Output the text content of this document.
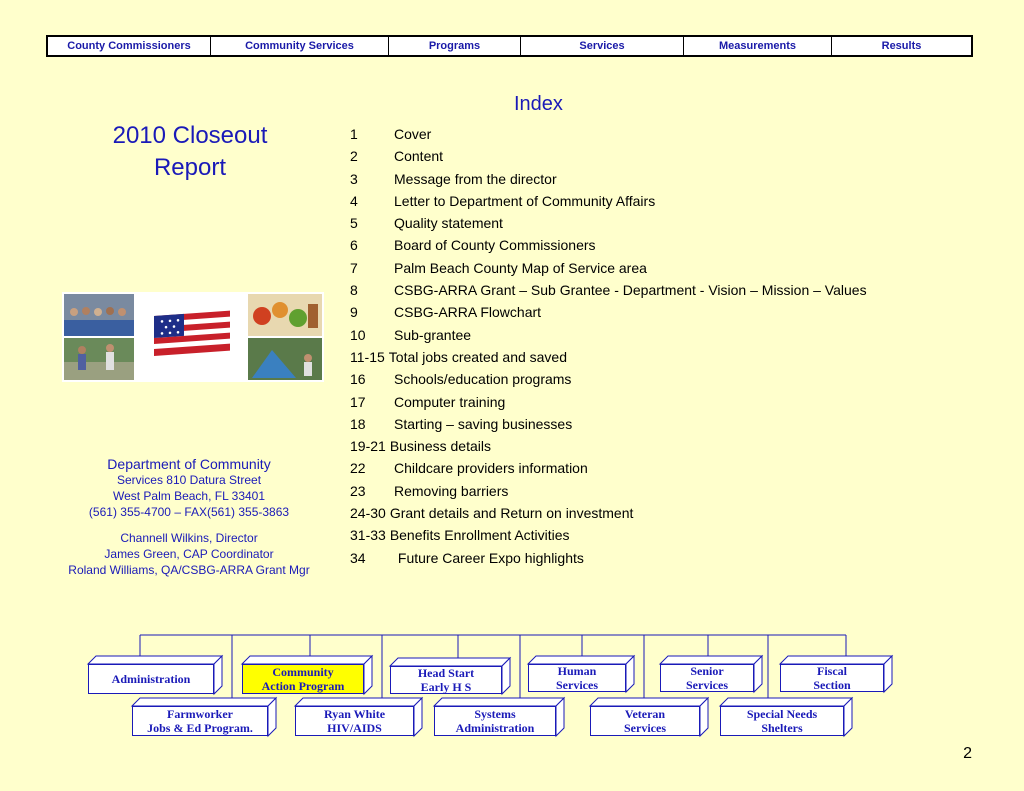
County Commissioners	Community Services	Programs	Services	Measurements	Results
2010 Closeout
Report
Index
1	Cover
2	Content
3	Message from the director
4	Letter to Department of Community Affairs
5	Quality statement
6	Board of County Commissioners
7	Palm Beach County Map of Service area
8	CSBG-ARRA Grant – Sub Grantee - Department - Vision – Mission – Values
9	CSBG-ARRA Flowchart
10 Sub-grantee
11-15 Total jobs created and saved
16 Schools/education programs
17 Computer training
18 Starting – saving businesses
19-21 Business details
22 Childcare providers information
23 Removing barriers
24-30 Grant details and Return on investment
31-33 Benefits Enrollment Activities
34 Future Career Expo highlights
Department of Community
Services 810 Datura Street
West Palm Beach, FL 33401
(561) 355-4700 – FAX(561) 355-3863
Channell Wilkins, Director
James Green, CAP Coordinator
Roland Williams, QA/CSBG-ARRA Grant Mgr
Administration	Community
Action Program
Head Start
Early H S
Human
Services
Senior
Services
Fiscal
Section
Farmworker
Jobs & Ed Program.
Ryan White
HIV/AIDS
Systems
Administration
Veteran
Services
Special Needs
Shelters
2
